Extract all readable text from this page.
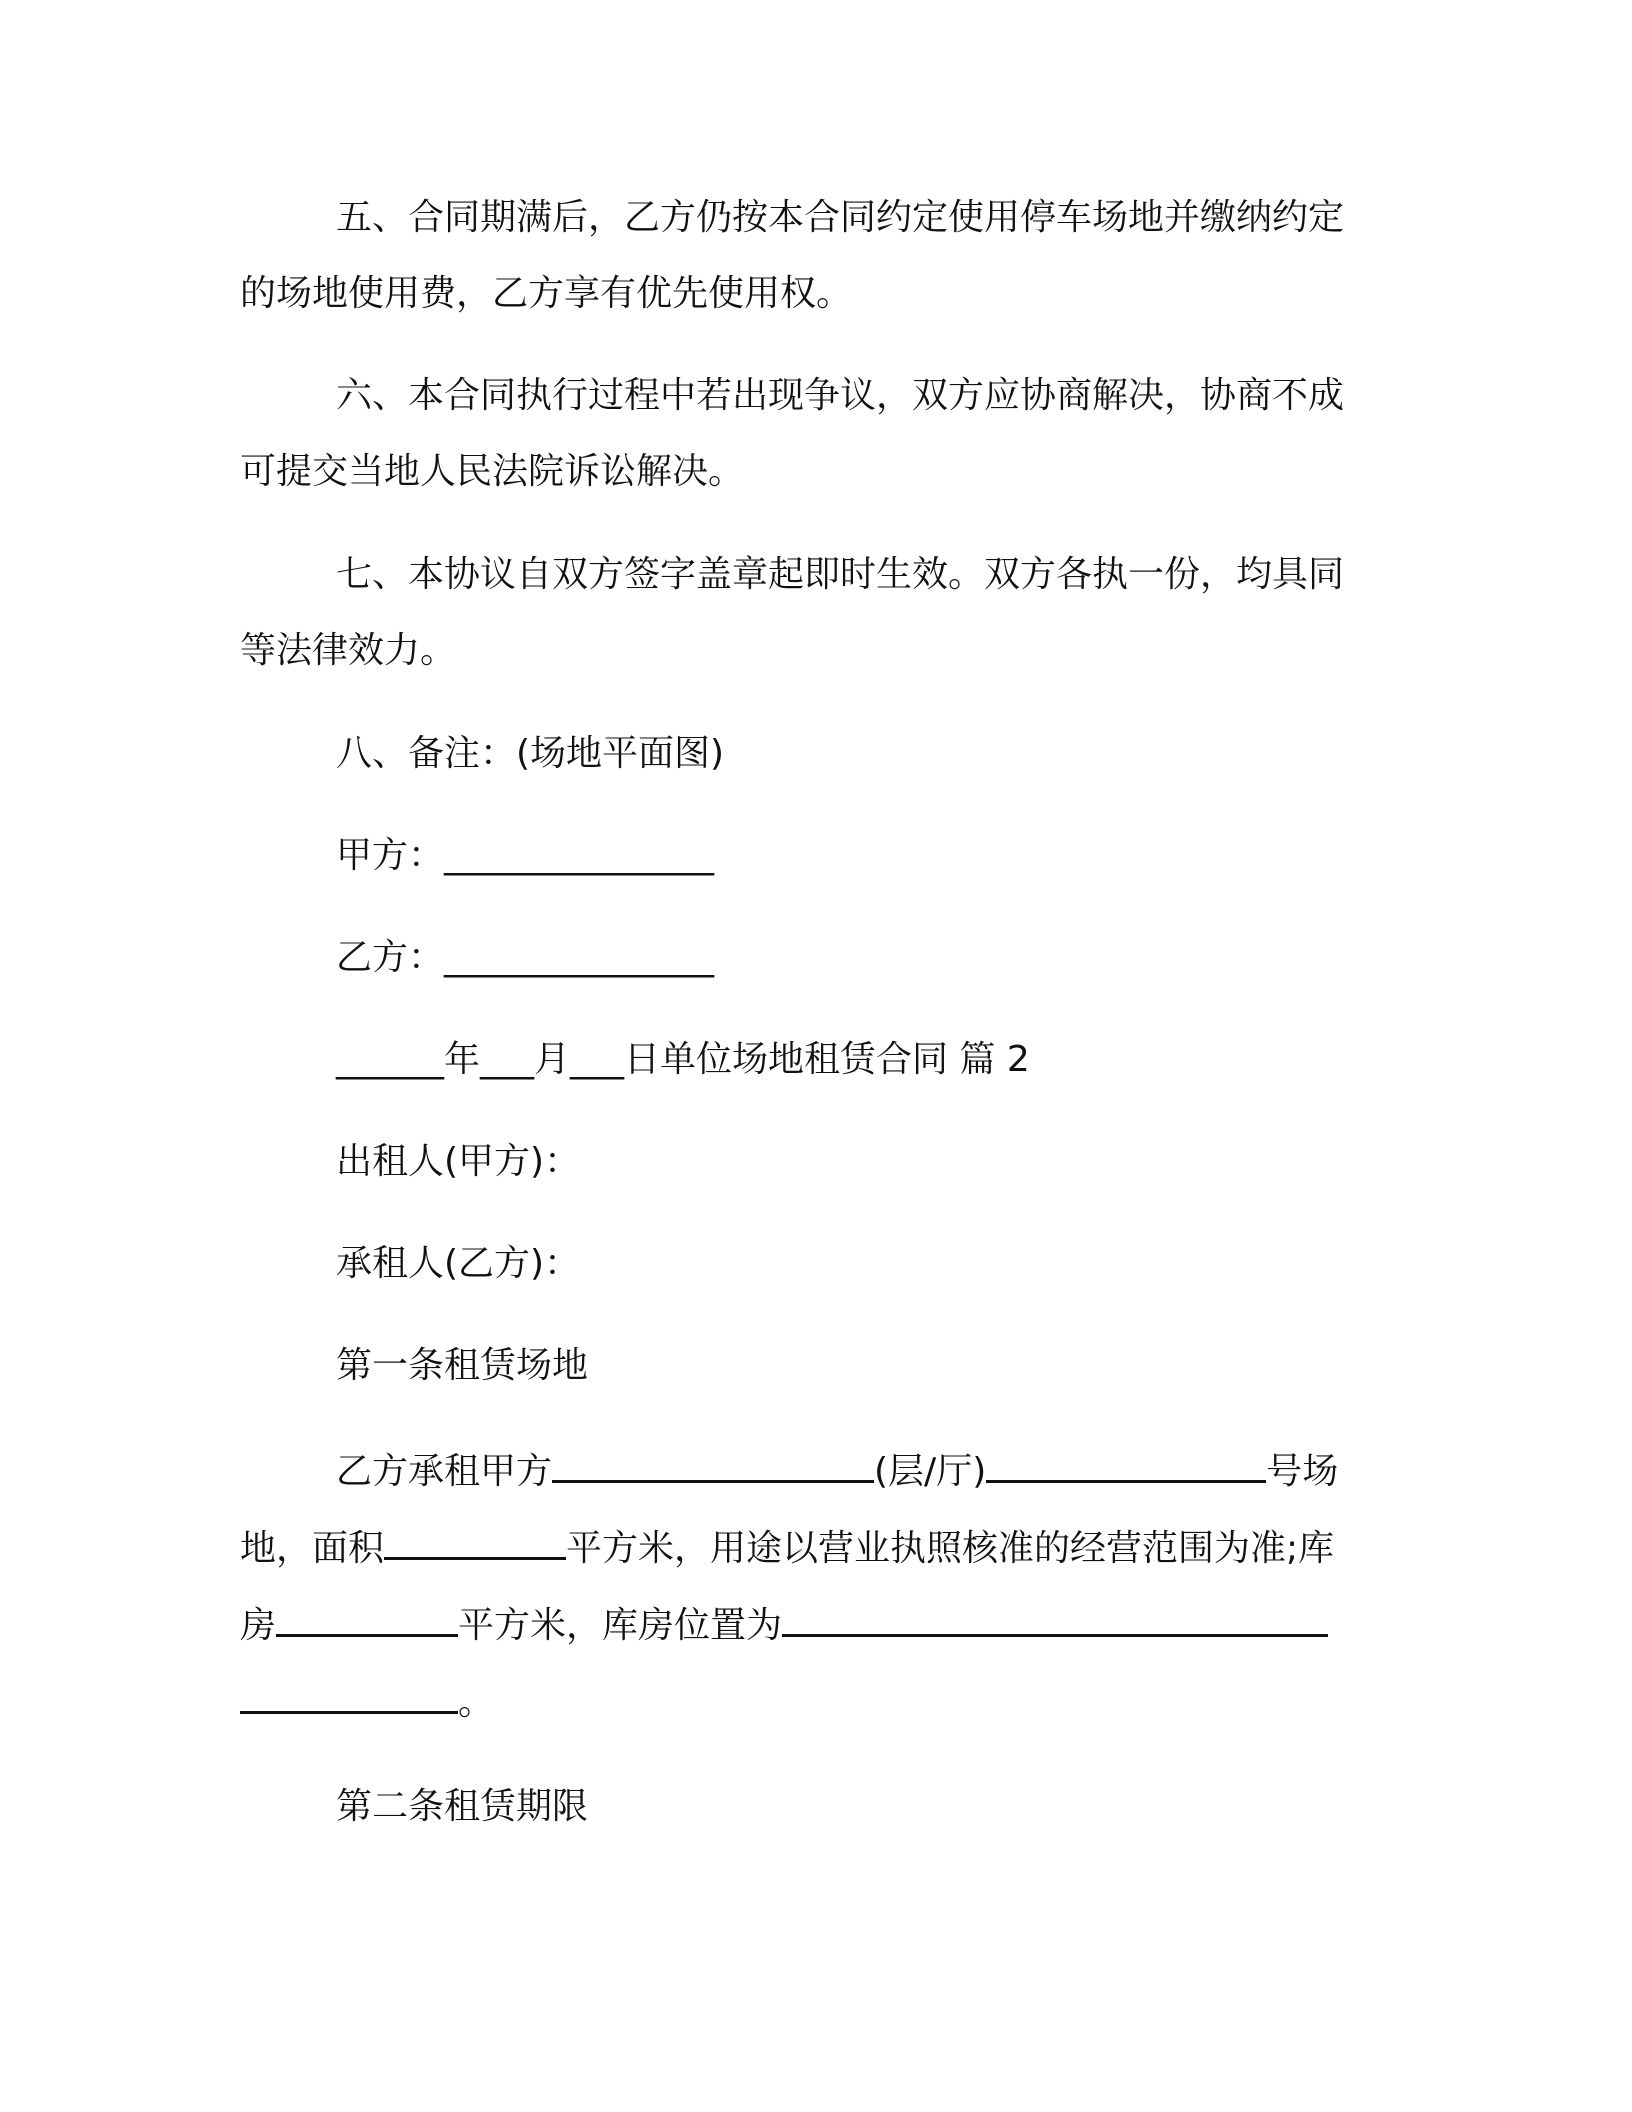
五、合同期满后，乙方仍按本合同约定使用停车场地并缴纳约定
的场地使用费，乙方享有优先使用权。
六、本合同执行过程中若出现争议，双方应协商解决，协商不成
可提交当地人民法院诉讼解决。
七、本协议自双方签字盖章起即时生效。双方各执一份，均具同
等法律效力。
八、备注：(场地平面图)
甲方：_______________
乙方：_______________
______年___月___日单位场地租赁合同 篇 2
出租人(甲方)：
承租人(乙方)：
第一条租赁场地
乙方承租甲方	(层/厅)	号场
地，面积	平方米，用途以营业执照核准的经营范围为准;库
房	平方米，库房位置为
。
第二条租赁期限
